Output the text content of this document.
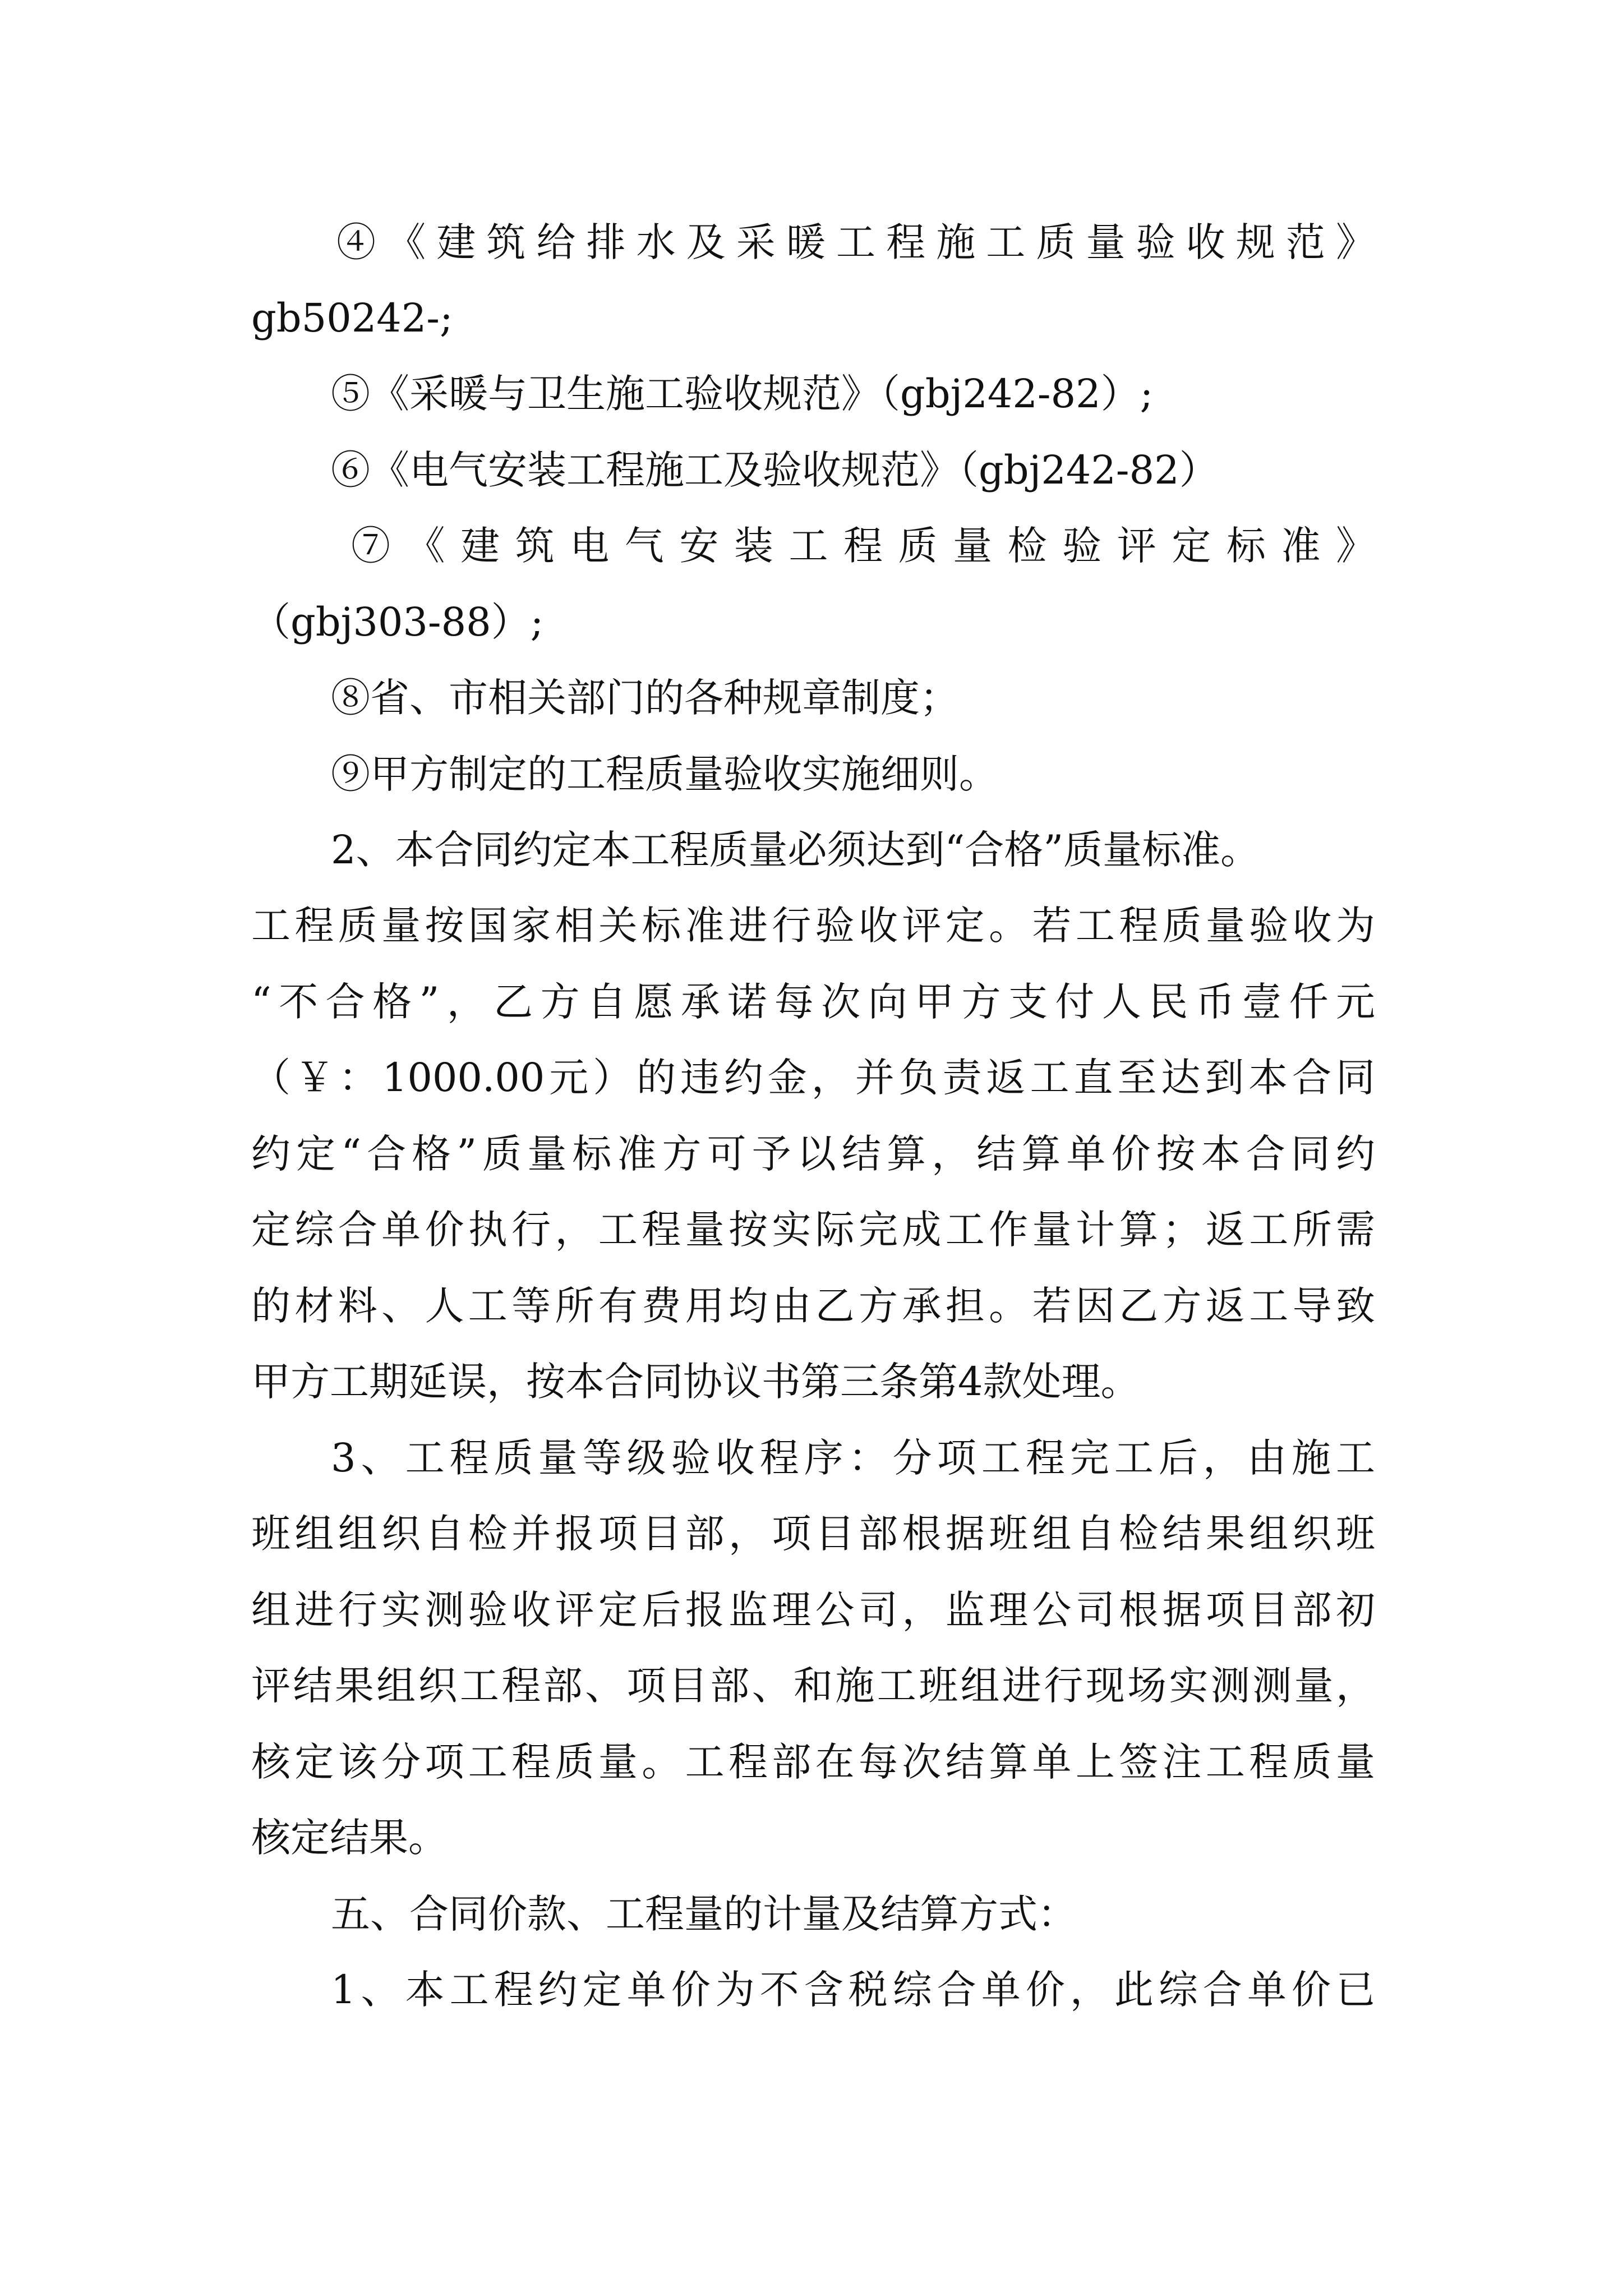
④《建筑给排水及采暖工程施工质量验收规范》
gb50242-;
⑤《采暖与卫生施工验收规范》（gbj242-82）;
⑥《电气安装工程施工及验收规范》（gbj242-82）
⑦《建筑电气安装工程质量检验评定标准》
（gbj303-88）;
⑧省、市相关部门的各种规章制度；
⑨甲方制定的工程质量验收实施细则。
2、本合同约定本工程质量必须达到“合格”质量标准。
工程质量按国家相关标准进行验收评定。若工程质量验收为
“不合格”，乙方自愿承诺每次向甲方支付人民币壹仟元
（￥：1000.00元）的违约金，并负责返工直至达到本合同
约定“合格”质量标准方可予以结算，结算单价按本合同约
定综合单价执行，工程量按实际完成工作量计算；返工所需
的材料、人工等所有费用均由乙方承担。若因乙方返工导致
甲方工期延误，按本合同协议书第三条第4款处理。
3、工程质量等级验收程序：分项工程完工后，由施工
班组组织自检并报项目部，项目部根据班组自检结果组织班
组进行实测验收评定后报监理公司，监理公司根据项目部初
评结果组织工程部、项目部、和施工班组进行现场实测测量，
核定该分项工程质量。工程部在每次结算单上签注工程质量
核定结果。
五、合同价款、工程量的计量及结算方式：
1、本工程约定单价为不含税综合单价，此综合单价已
